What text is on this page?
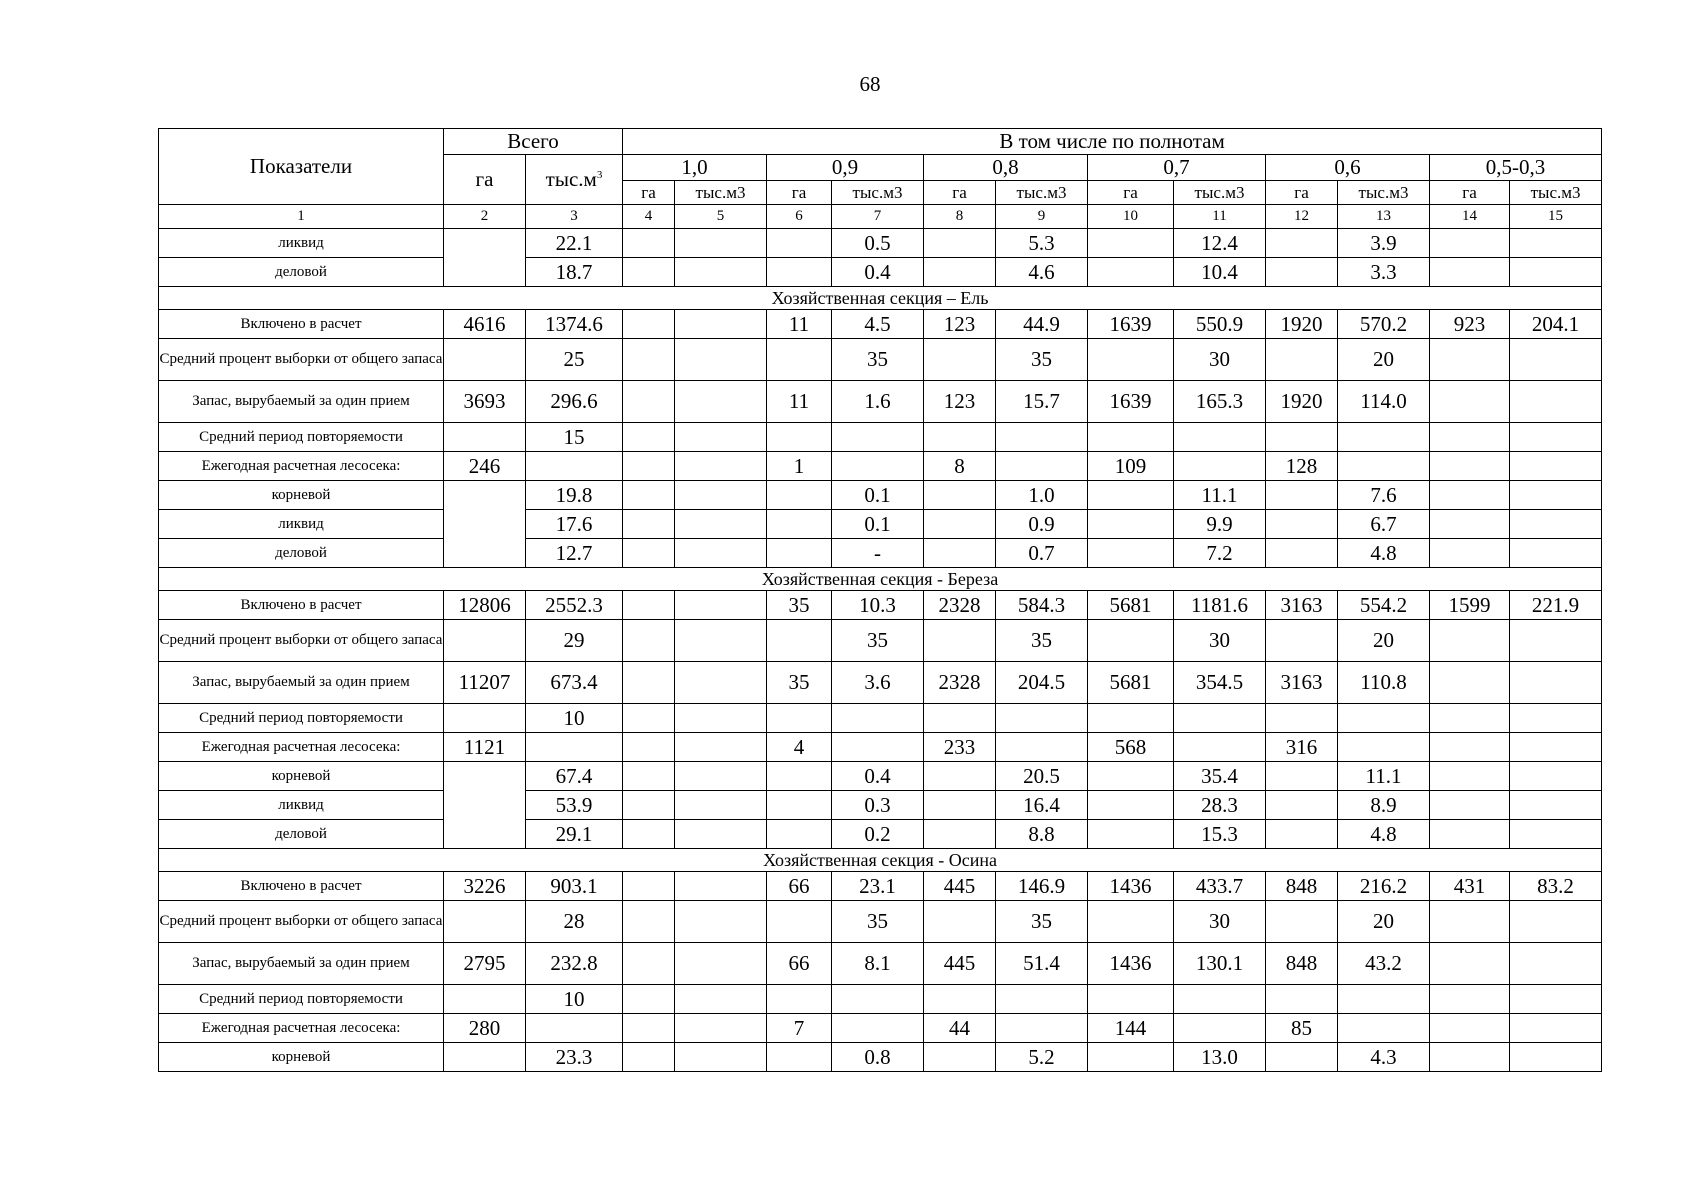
68
Показатели	Всего		В том числе по полнотам											
	га	$тыс.м^3$	1,0		0,9		0,8		0,7		0,6		0,5-0,3	
			га	тыс.м3	га	тыс.м3	га	тыс.м3	га	тыс.м3	га	тыс.м3	га	тыс.м3
1	2	3	4	5	6	7	8	9	10	11	12	13	14	15
ликвид		22.1				0.5		5.3		12.4		3.9		
деловой		18.7				0.4		4.6		10.4		3.3		
Хозяйственная секция – Ель														
Включено в расчет	4616	1374.6			11	4.5	123	44.9	1639	550.9	1920	570.2	923	204.1
Средний процент выборки от общего запаса		25				35		35		30		20		
Запас, вырубаемый за один прием	3693	296.6			11	1.6	123	15.7	1639	165.3	1920	114.0		
Средний период повторяемости		15												
Ежегодная расчетная лесосека:	246				1		8		109		128			
корневой		19.8				0.1		1.0		11.1		7.6		
ликвид		17.6				0.1		0.9		9.9		6.7		
деловой		12.7				-		0.7		7.2		4.8		
Хозяйственная секция - Береза														
Включено в расчет	12806	2552.3			35	10.3	2328	584.3	5681	1181.6	3163	554.2	1599	221.9
Средний процент выборки от общего запаса		29				35		35		30		20		
Запас, вырубаемый за один прием	11207	673.4			35	3.6	2328	204.5	5681	354.5	3163	110.8		
Средний период повторяемости		10												
Ежегодная расчетная лесосека:	1121				4		233		568		316			
корневой		67.4				0.4		20.5		35.4		11.1		
ликвид		53.9				0.3		16.4		28.3		8.9		
деловой		29.1				0.2		8.8		15.3		4.8		
Хозяйственная секция - Осина														
Включено в расчет	3226	903.1			66	23.1	445	146.9	1436	433.7	848	216.2	431	83.2
Средний процент выборки от общего запаса		28				35		35		30		20		
Запас, вырубаемый за один прием	2795	232.8			66	8.1	445	51.4	1436	130.1	848	43.2		
Средний период повторяемости		10												
Ежегодная расчетная лесосека:	280				7		44		144		85			
корневой		23.3				0.8		5.2		13.0		4.3		
